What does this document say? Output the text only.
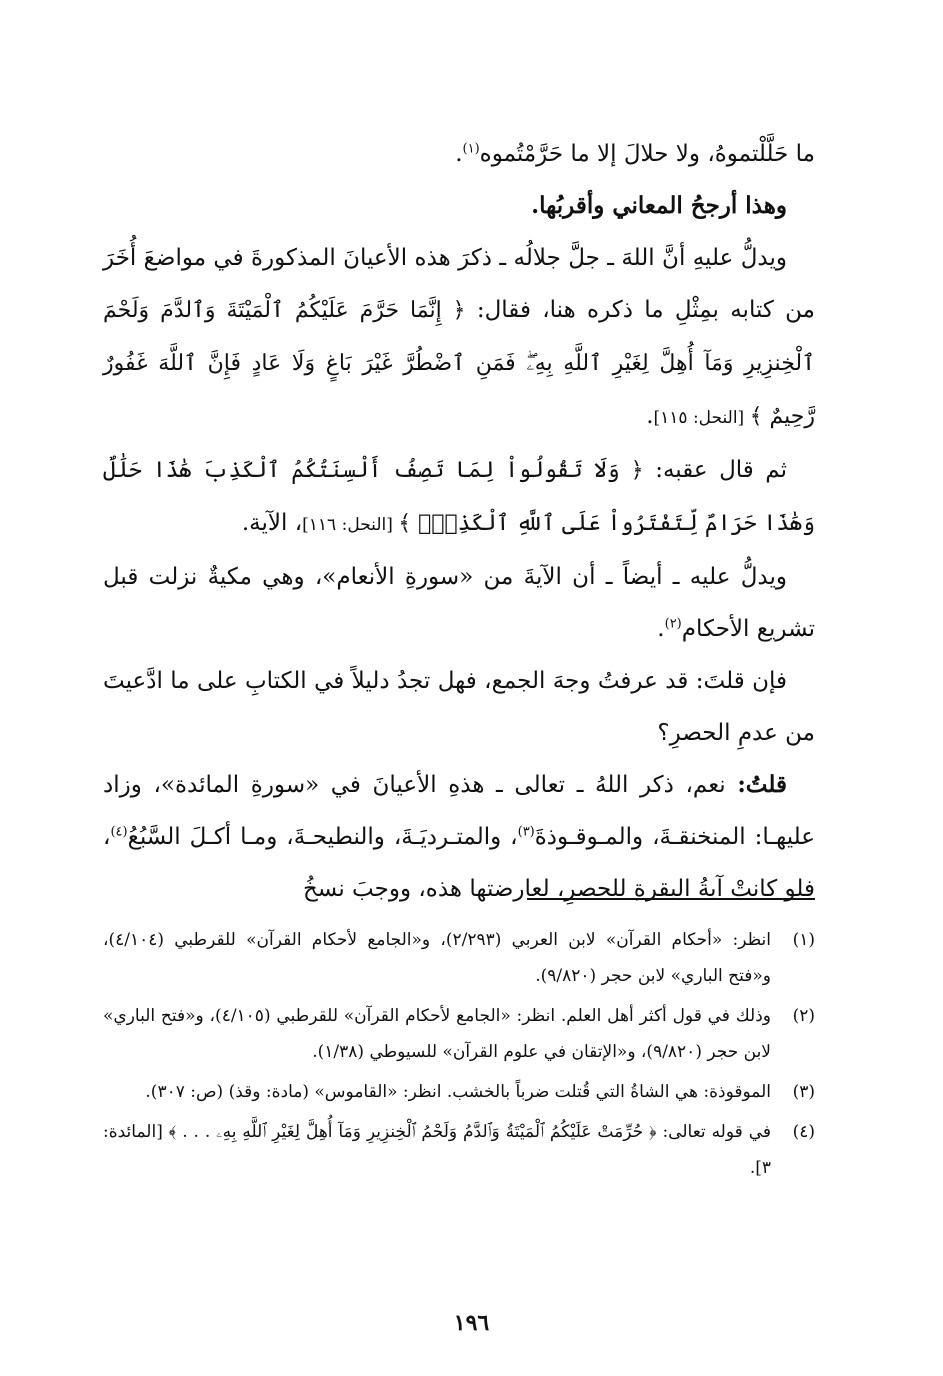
ما حَلَّلْتموهُ، ولا حلالَ إلا ما حَرَّمْتُموه$^{(١)}$.

وهذا أرجحُ المعاني وأقربُها.

ويدلُّ عليهِ أنَّ اللهَ ـ جلَّ جلالُه ـ ذكرَ هذه الأعيانَ المذكورةَ في مواضعَ أُخَرَ من كتابه بمِثْلِ ما ذكره هنا، فقال: ﴿ إِنَّمَا حَرَّمَ عَلَيْكُمُ ٱلْمَيْتَةَ وَٱلدَّمَ وَلَحْمَ ٱلْخِنزِيرِ وَمَآ أُهِلَّ لِغَيْرِ ٱللَّهِ بِهِۦۖ فَمَنِ ٱضْطُرَّ غَيْرَ بَاغٍ وَلَا عَادٍ فَإِنَّ ٱللَّهَ غَفُورٌ رَّحِيمٌ ﴾ [النحل: ١١٥].

ثم قال عقبه: ﴿ وَلَا تَقُولُواْ لِمَا تَصِفُ أَلْسِنَتُكُمُ ٱلْكَذِبَ هَٰذَا حَلَٰلٌ وَهَٰذَا حَرَامٌ لِّتَفْتَرُواْ عَلَى ٱللَّهِ ٱلْكَذِبَۚ ﴾ [النحل: ١١٦]، الآية.

ويدلُّ عليه ـ أيضاً ـ أن الآيةَ من «سورةِ الأنعام»، وهي مكيةٌ نزلت قبل تشريع الأحكام$^{(٢)}$.

فإن قلتَ: قد عرفتُ وجهَ الجمع، فهل تجدُ دليلاً في الكتابِ على ما ادَّعيتَ من عدمِ الحصرِ؟

قلتُ: نعم، ذكر اللهُ ـ تعالى ـ هذهِ الأعيانَ في «سورةِ المائدة»، وزاد عليهـا: المنخنقـةَ، والمـوقـوذةَ$^{(٣)}$، والمتـرديَـةَ، والنطيحـةَ، ومـا أكـلَ السَّبُعُ$^{(٤)}$، فلو كانتْ آيةُ البقرةِ للحصرِ، لعارضتها هذه، ووجبَ نسخُ

(١)
انظر: «أحكام القرآن» لابن العربي (٢/٢٩٣)، و«الجامع لأحكام القرآن» للقرطبي (٤/١٠٤)، و«فتح الباري» لابن حجر (٩/٨٢٠).
(٢)
وذلك في قول أكثر أهل العلم. انظر: «الجامع لأحكام القرآن» للقرطبي (٤/١٠٥)، و«فتح الباري» لابن حجر (٩/٨٢٠)، و«الإتقان في علوم القرآن» للسيوطي (١/٣٨).
(٣)
الموقوذة: هي الشاةُ التي قُتلت ضرباً بالخشب. انظر: «القاموس» (مادة: وقذ) (ص: ٣٠٧).
(٤)
في قوله تعالى: ﴿ حُرِّمَتْ عَلَيْكُمُ ٱلْمَيْتَةُ وَٱلدَّمُ وَلَحْمُ ٱلْخِنزِيرِ وَمَآ أُهِلَّ لِغَيْرِ ٱللَّهِ بِهِۦ . . . ﴾ [المائدة: ٣].
١٩٦
